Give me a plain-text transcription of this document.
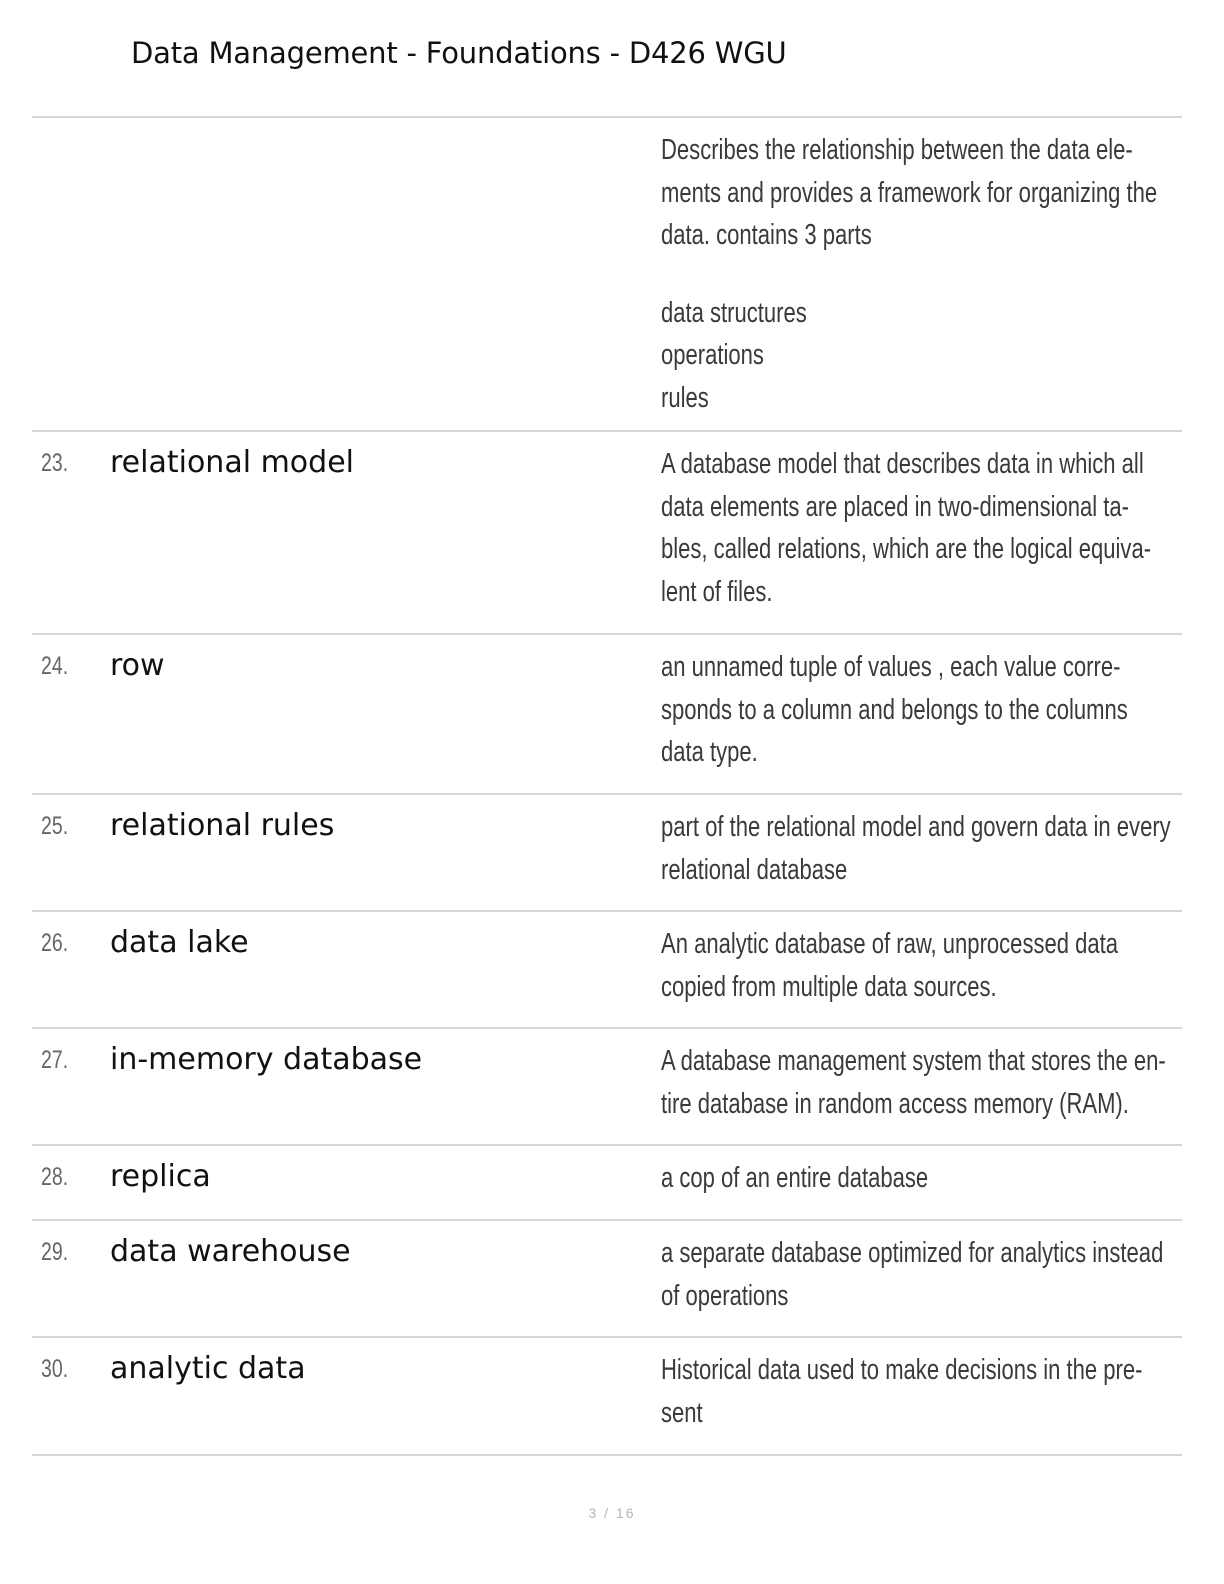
Data Management - Foundations - D426 WGU
Describes the relationship between the data ele-
ments and provides a framework for organizing the
data. contains 3 parts
data structures
operations
rules
23. relational model	A database model that describes data in which all
data elements are placed in two-dimensional ta-
bles, called relations, which are the logical equiva-
lent of files.
24. row	an unnamed tuple of values , each value corre-
sponds to a column and belongs to the columns
data type.
25. relational rules	part of the relational model and govern data in every
relational database
26. data lake	An analytic database of raw, unprocessed data
copied from multiple data sources.
27. in-memory database	A database management system that stores the en-
tire database in random access memory (RAM).
28. replica	a cop of an entire database
29. data warehouse	a separate database optimized for analytics instead
of operations
30. analytic data	Historical data used to make decisions in the pre-
sent
3 / 16
